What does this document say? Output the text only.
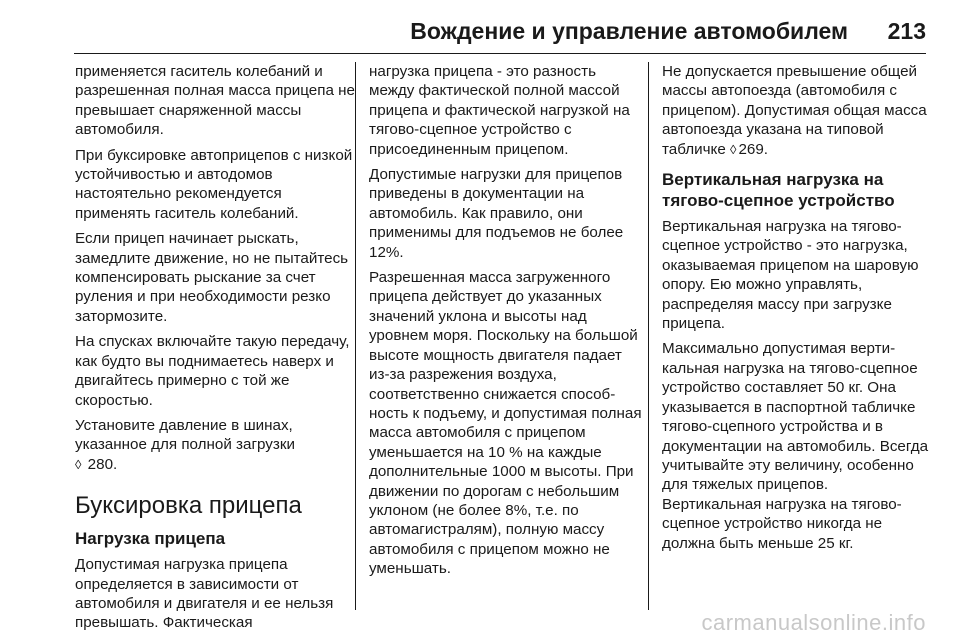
Вождение и управление автомобилем 213

применяется гаситель колебаний и разрешенная полная масса прицепа не превышает снаряженной массы автомобиля.

При буксировке автоприцепов с низкой устойчивостью и автодомов настоятельно рекомендуется применять гаситель колебаний.

Если прицеп начинает рыскать, замедлите движение, но не пытайтесь компенсировать рыскание за счет руления и при необходимости резко затормозите.

На спусках включайте такую передачу, как будто вы поднимаетесь наверх и двигайтесь примерно с той же скоростью.

Установите давление в шинах, указанное для полной загрузки
◊ 280.

Буксировка прицепа
Нагрузка прицепа

Допустимая нагрузка прицепа определяется в зависимости от автомобиля и двигателя и ее нельзя превышать. Фактическая

нагрузка прицепа - это разность между фактической полной массой прицепа и фактической нагрузкой на тягово-сцепное устройство с присоединенным прицепом.

Допустимые нагрузки для прицепов приведены в документации на автомобиль. Как правило, они применимы для подъемов не более 12%.

Разрешенная масса загруженного прицепа действует до указанных значений уклона и высоты над уровнем моря. Поскольку на большой высоте мощность двигателя падает из-за разрежения воздуха, соответственно снижается способность к подъему, и допустимая полная масса автомобиля с прицепом уменьшается на 10 % на каждые дополнительные 1000 м высоты. При движении по дорогам с небольшим уклоном (не более 8%, т.е. по автомагистралям), полную массу автомобиля с прицепом можно не уменьшать.

Не допускается превышение общей массы автопоезда (автомобиля с прицепом). Допустимая общая масса автопоезда указана на типовой табличке ◊ 269.

Вертикальная нагрузка на тягово-сцепное устройство

Вертикальная нагрузка на тягово-сцепное устройство - это нагрузка, оказываемая прицепом на шаровую опору. Ею можно управлять, распределяя массу при загрузке прицепа.

Максимально допустимая вертикальная нагрузка на тягово-сцепное устройство составляет 50 кг. Она указывается в паспортной табличке тягово-сцепного устройства и в документации на автомобиль. Всегда учитывайте эту величину, особенно для тяжелых прицепов. Вертикальная нагрузка на тягово-сцепное устройство никогда не должна быть меньше 25 кг.

carmanualsonline.info
